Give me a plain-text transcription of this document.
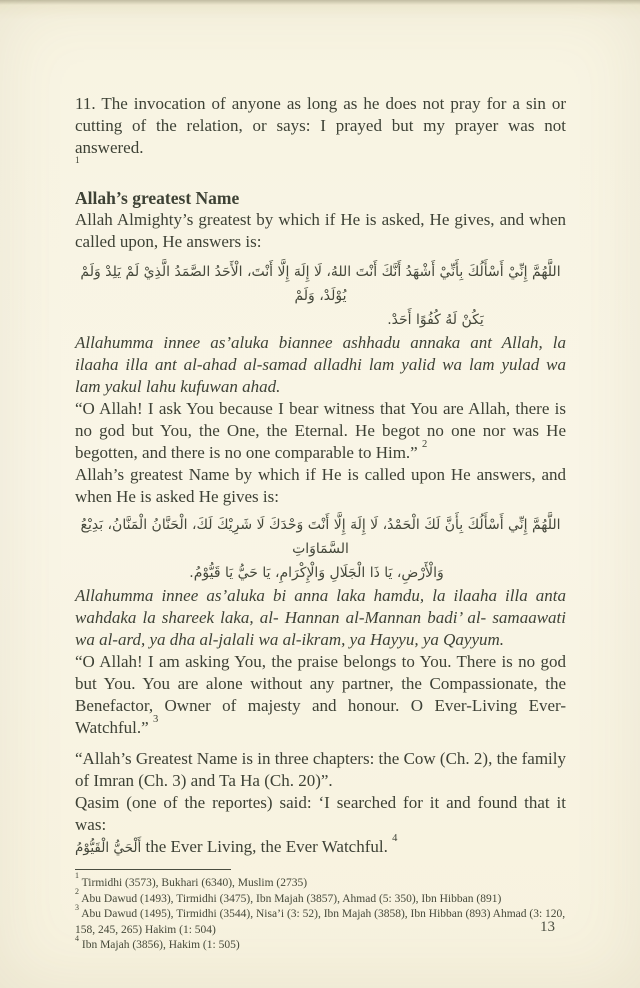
11. The invocation of anyone as long as he does not pray for a sin or cutting of the relation, or says: I prayed but my prayer was not answered.

$^1$
Allah’s greatest Name

Allah Almighty’s greatest by which if He is asked, He gives, and when called upon, He answers is:

اللَّهُمَّ إِنِّيْ أَسْأَلُكَ بِأَنِّيْ أَشْهَدُ أَنَّكَ أَنْتَ اللهُ، لَا إِلَهَ إِلَّا أَنْتَ، الْأَحَدُ الصَّمَدُ الَّذِيْ لَمْ يَلِدْ وَلَمْ يُوْلَدْ، وَلَمْ
يَكُنْ لَهُ كُفُوًا أَحَدْ.

Allahumma innee as’aluka biannee ashhadu annaka ant Allah, la ilaaha illa ant al-ahad al-samad alladhi lam yalid wa lam yulad wa lam yakul lahu kufuwan ahad.

“O Allah! I ask You because I bear witness that You are Allah, there is no god but You, the One, the Eternal. He begot no one nor was He begotten, and there is no one comparable to Him.” $^2$

Allah’s greatest Name by which if He is called upon He answers, and when He is asked He gives is:

اللَّهُمَّ إِنِّي أَسْأَلُكَ بِأَنَّ لَكَ الْحَمْدُ، لَا إِلَهَ إِلَّا أَنْتَ وَحْدَكَ لَا شَرِيْكَ لَكَ، الْحَنَّانُ الْمَنَّانُ، بَدِيْعُ السَّمَاوَاتِ
وَالْأَرْضِ، يَا ذَا الْجَلَالِ وَالْإِكْرَامِ، يَا حَيُّ يَا قَيُّوْمُ.

Allahumma innee as’aluka bi anna laka hamdu, la ilaaha illa anta wahdaka la shareek laka, al- Hannan al-Mannan badi’ al- samaawati wa al-ard, ya dha al-jalali wa al-ikram, ya Hayyu, ya Qayyum.

“O Allah! I am asking You, the praise belongs to You. There is no god but You. You are alone without any partner, the Compassionate, the Benefactor, Owner of majesty and honour. O Ever-Living Ever-Watchful.” $^3$

“Allah’s Greatest Name is in three chapters: the Cow (Ch. 2), the family of Imran (Ch. 3) and Ta Ha (Ch. 20)”.

Qasim (one of the reportes) said: ‘I searched for it and found that it was:

أَلْحَيُّ الْقَيُّوْمُ the Ever Living, the Ever Watchful. $^4$

$^1$ Tirmidhi (3573), Bukhari (6340), Muslim (2735)
$^2$ Abu Dawud (1493), Tirmidhi (3475), Ibn Majah (3857), Ahmad (5: 350), Ibn Hibban (891)
$^3$ Abu Dawud (1495), Tirmidhi (3544), Nisa’i (3: 52), Ibn Majah (3858), Ibn Hibban (893) Ahmad (3: 120, 158, 245, 265) Hakim (1: 504)
$^4$ Ibn Majah (3856), Hakim (1: 505)
13
